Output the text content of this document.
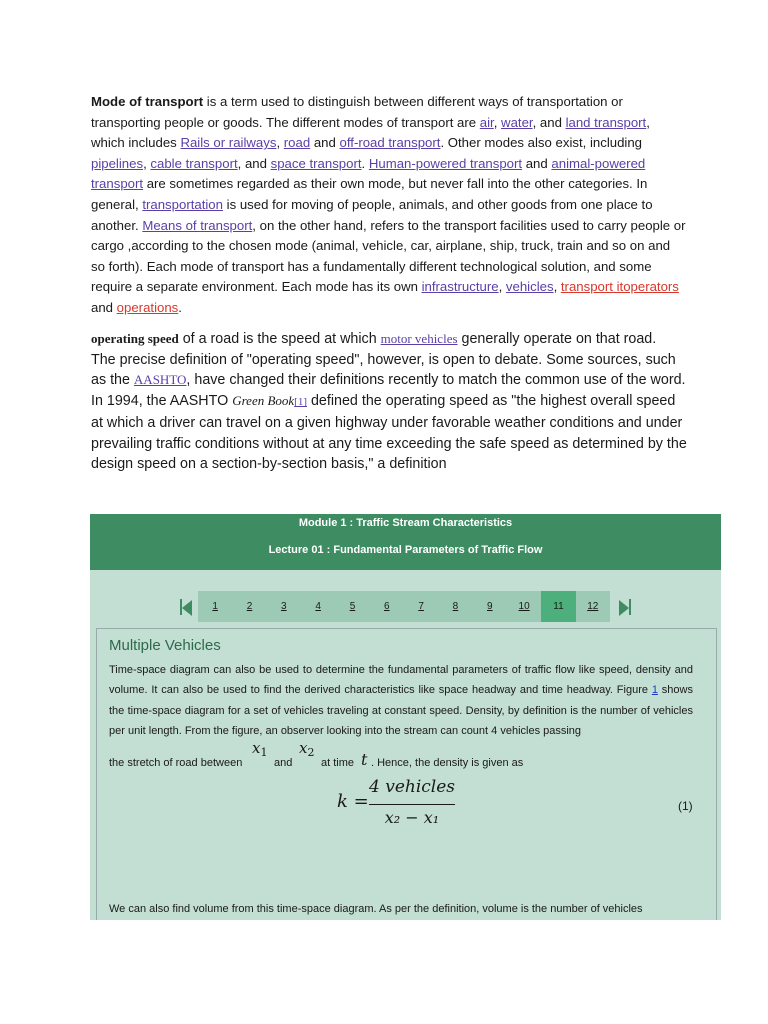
Mode of transport is a term used to distinguish between different ways of transportation or transporting people or goods. The different modes of transport are air, water, and land transport, which includes Rails or railways, road and off-road transport. Other modes also exist, including pipelines, cable transport, and space transport. Human-powered transport and animal-powered transport are sometimes regarded as their own mode, but never fall into the other categories. In general, transportation is used for moving of people, animals, and other goods from one place to another. Means of transport, on the other hand, refers to the transport facilities used to carry people or cargo ,according to the chosen mode (animal, vehicle, car, airplane, ship, truck, train and so on and so forth). Each mode of transport has a fundamentally different technological solution, and some require a separate environment. Each mode has its own infrastructure, vehicles, transport itoperators and operations.

operating speed of a road is the speed at which motor vehicles generally operate on that road.
The precise definition of "operating speed", however, is open to debate. Some sources, such as the AASHTO, have changed their definitions recently to match the common use of the word. In 1994, the AASHTO Green Book[1] defined the operating speed as "the highest overall speed at which a driver can travel on a given highway under favorable weather conditions and under prevailing traffic conditions without at any time exceeding the safe speed as determined by the design speed on a section-by-section basis," a definition

Module 1 : Traffic Stream Characteristics
Lecture 01 : Fundamental Parameters of Traffic Flow
1	2	3	4	5	6	7	8	9	10	11	12
Multiple Vehicles
Time-space diagram can also be used to determine the fundamental parameters of traffic flow like speed, density and volume. It can also be used to find the derived characteristics like space headway and time headway. Figure 1 shows the time-space diagram for a set of vehicles traveling at constant speed. Density, by definition is the number of vehicles per unit length. From the figure, an observer looking into the stream can count 4 vehicles passing
the stretch of road between
$x_1$
and
$x_2$
at time t . Hence, the density is given as
k =
4 vehicles
x₂ − x₁
(1)
We can also find volume from this time-space diagram. As per the definition, volume is the number of vehicles
